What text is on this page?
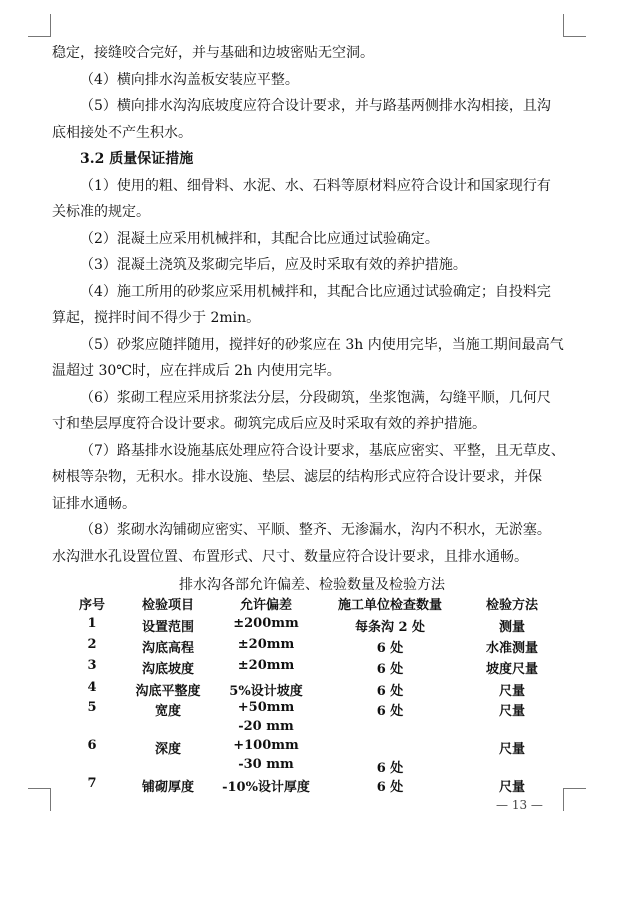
稳定，接缝咬合完好，并与基础和边坡密贴无空洞。
（4）横向排水沟盖板安装应平整。
（5）横向排水沟沟底坡度应符合设计要求，并与路基两侧排水沟相接，且沟
底相接处不产生积水。
3.2 质量保证措施
（1）使用的粗、细骨料、水泥、水、石料等原材料应符合设计和国家现行有
关标准的规定。
（2）混凝土应采用机械拌和，其配合比应通过试验确定。
（3）混凝土浇筑及浆砌完毕后，应及时采取有效的养护措施。
（4）施工所用的砂浆应采用机械拌和，其配合比应通过试验确定；自投料完
算起，搅拌时间不得少于 2min。
（5）砂浆应随拌随用，搅拌好的砂浆应在 3h 内使用完毕，当施工期间最高气
温超过 30℃时，应在拌成后 2h 内使用完毕。
（6）浆砌工程应采用挤浆法分层，分段砌筑，坐浆饱满，勾缝平顺，几何尺
寸和垫层厚度符合设计要求。砌筑完成后应及时采取有效的养护措施。
（7）路基排水设施基底处理应符合设计要求，基底应密实、平整，且无草皮、
树根等杂物，无积水。排水设施、垫层、滤层的结构形式应符合设计要求，并保
证排水通畅。
（8）浆砌水沟铺砌应密实、平顺、整齐、无渗漏水，沟内不积水，无淤塞。
水沟泄水孔设置位置、布置形式、尺寸、数量应符合设计要求，且排水通畅。
排水沟各部允许偏差、检验数量及检验方法
序号	检验项目	允许偏差	施工单位检查数量	检验方法
1	设置范围	±200mm	每条沟 2 处	测量
2	沟底高程	±20mm	6 处	水准测量
3	沟底坡度	±20mm	6 处	坡度尺量
4	沟底平整度	5%设计坡度	6 处	尺量
5	宽度	+50mm	6 处	尺量
-20 mm
6	深度	+100mm	尺量
-30 mm	6 处
7	铺砌厚度	-10%设计厚度	6 处	尺量
— 13 —
